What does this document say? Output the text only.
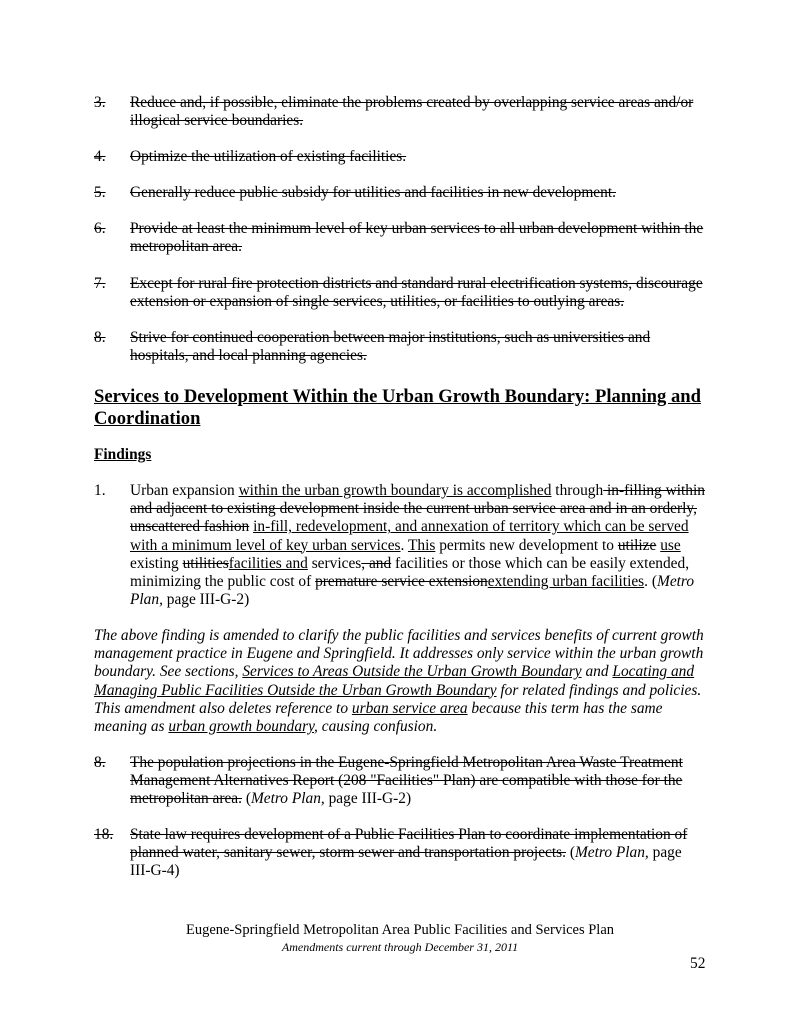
3. Reduce and, if possible, eliminate the problems created by overlapping service areas and/or illogical service boundaries.
4. Optimize the utilization of existing facilities.
5. Generally reduce public subsidy for utilities and facilities in new development.
6. Provide at least the minimum level of key urban services to all urban development within the metropolitan area.
7. Except for rural fire protection districts and standard rural electrification systems, discourage extension or expansion of single services, utilities, or facilities to outlying areas.
8. Strive for continued cooperation between major institutions, such as universities and hospitals, and local planning agencies.
Services to Development Within the Urban Growth Boundary: Planning and Coordination
Findings
1. Urban expansion within the urban growth boundary is accomplished through in-filling within and adjacent to existing development inside the current urban service area and in an orderly, unscattered fashion in-fill, redevelopment, and annexation of territory which can be served with a minimum level of key urban services. This permits new development to utilize use existing utilitiesfacilities and services, and facilities or those which can be easily extended, minimizing the public cost of premature service extensionextending urban facilities. (Metro Plan, page III-G-2)
The above finding is amended to clarify the public facilities and services benefits of current growth management practice in Eugene and Springfield. It addresses only service within the urban growth boundary. See sections, Services to Areas Outside the Urban Growth Boundary and Locating and Managing Public Facilities Outside the Urban Growth Boundary for related findings and policies. This amendment also deletes reference to urban service area because this term has the same meaning as urban growth boundary, causing confusion.
8. The population projections in the Eugene-Springfield Metropolitan Area Waste Treatment Management Alternatives Report (208 "Facilities" Plan) are compatible with those for the metropolitan area. (Metro Plan, page III-G-2)
18. State law requires development of a Public Facilities Plan to coordinate implementation of planned water, sanitary sewer, storm sewer and transportation projects. (Metro Plan, page III-G-4)
Eugene-Springfield Metropolitan Area Public Facilities and Services Plan
Amendments current through December 31, 2011
52
